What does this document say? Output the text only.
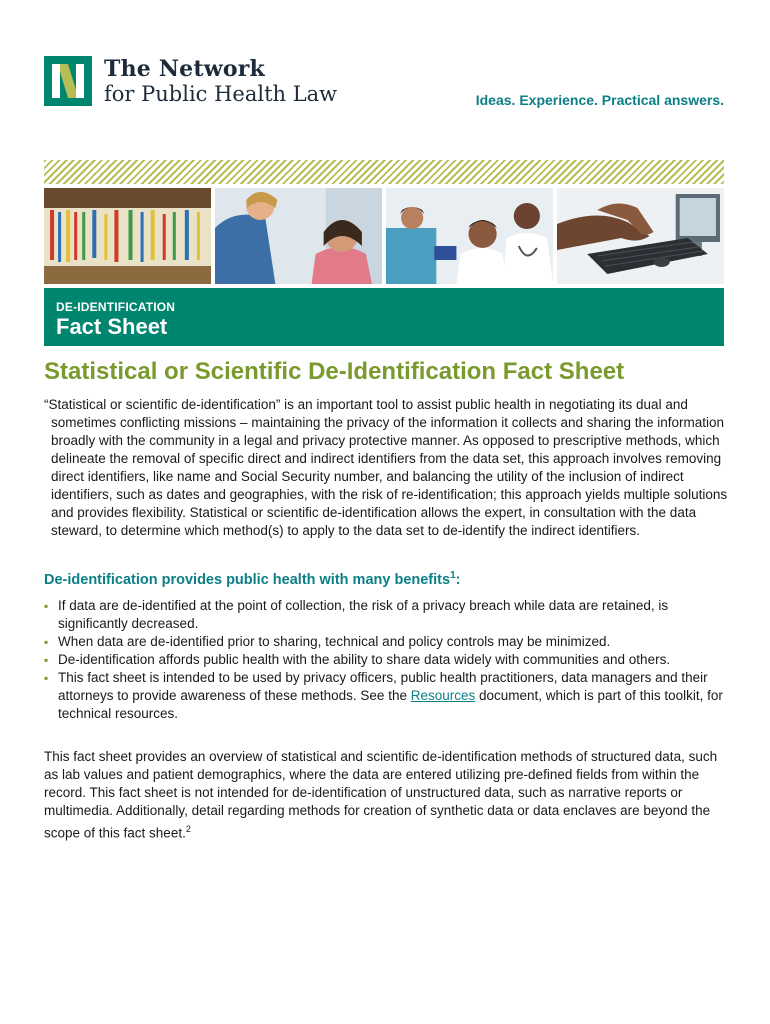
The Network
for Public Health Law	Ideas. Experience. Practical answers.
DE-IDENTIFICATION
Fact Sheet
Statistical or Scientific De-Identification Fact Sheet

“Statistical or scientific de-identification” is an important tool to assist public health in negotiating its dual and sometimes conflicting missions – maintaining the privacy of the information it collects and sharing the information broadly with the community in a legal and privacy protective manner. As opposed to prescriptive methods, which delineate the removal of specific direct and indirect identifiers from the data set, this approach involves removing direct identifiers, like name and Social Security number, and balancing the utility of the inclusion of indirect identifiers, such as dates and geographies, with the risk of re-identification; this approach yields multiple solutions and provides flexibility. Statistical or scientific de-identification allows the expert, in consultation with the data steward, to determine which method(s) to apply to the data set to de-identify the indirect identifiers.

De-identification provides public health with many benefits$^1$:
▪ If data are de-identified at the point of collection, the risk of a privacy breach while data are retained, is significantly decreased.
▪ When data are de-identified prior to sharing, technical and policy controls may be minimized.
▪ De-identification affords public health with the ability to share data widely with communities and others.
▪ This fact sheet is intended to be used by privacy officers, public health practitioners, data managers and their attorneys to provide awareness of these methods. See the Resources document, which is part of this toolkit, for technical resources.

This fact sheet provides an overview of statistical and scientific de-identification methods of structured data, such as lab values and patient demographics, where the data are entered utilizing pre-defined fields from within the record. This fact sheet is not intended for de-identification of unstructured data, such as narrative reports or multimedia. Additionally, detail regarding methods for creation of synthetic data or data enclaves are beyond the scope of this fact sheet.$^2$
